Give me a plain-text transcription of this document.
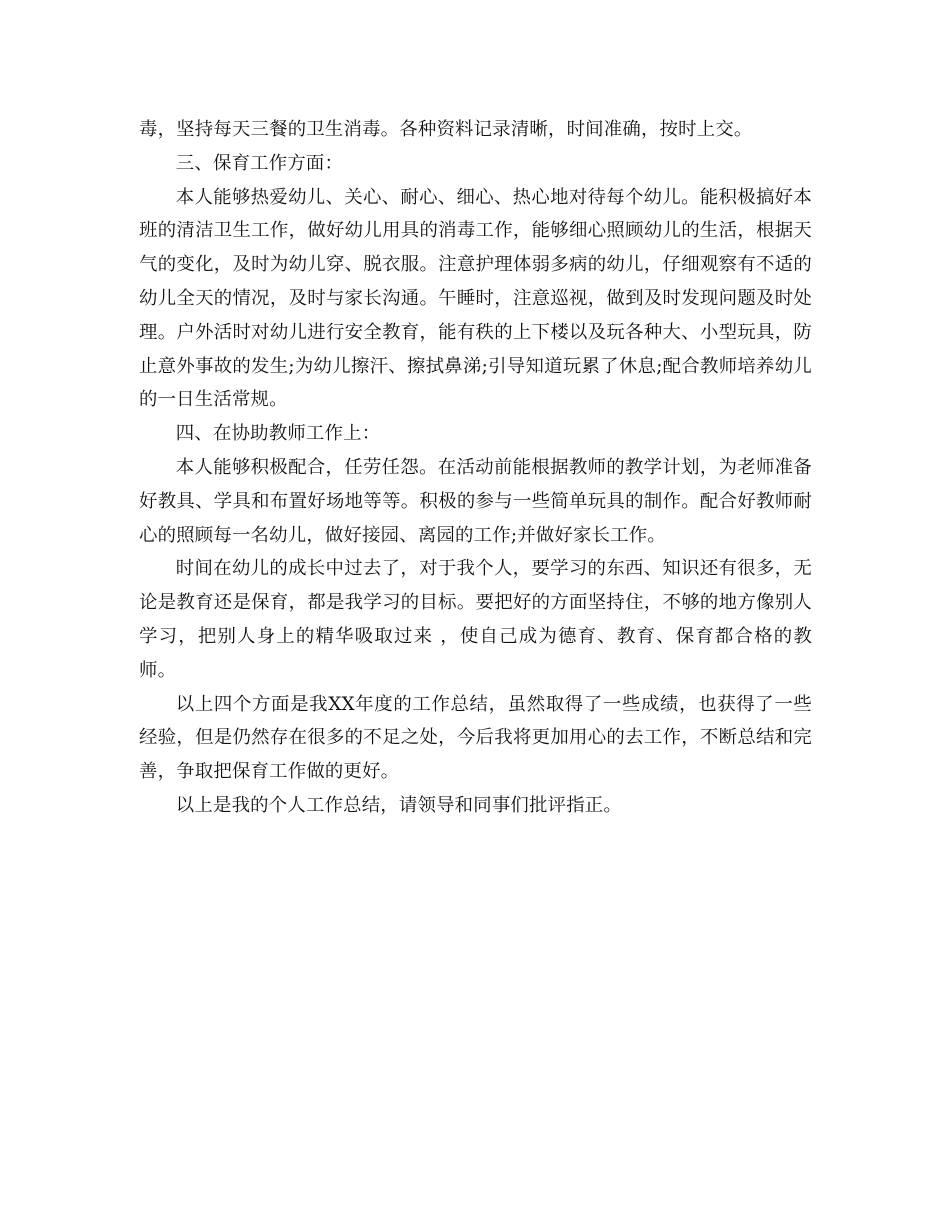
毒，坚持每天三餐的卫生消毒。各种资料记录清晰，时间准确，按时上交。

三、保育工作方面：

本人能够热爱幼儿、关心、耐心、细心、热心地对待每个幼儿。能积极搞好本班的清洁卫生工作，做好幼儿用具的消毒工作，能够细心照顾幼儿的生活，根据天气的变化，及时为幼儿穿、脱衣服。注意护理体弱多病的幼儿，仔细观察有不适的幼儿全天的情况，及时与家长沟通。午睡时，注意巡视，做到及时发现问题及时处理。户外活时对幼儿进行安全教育，能有秩的上下楼以及玩各种大、小型玩具，防止意外事故的发生;为幼儿擦汗、擦拭鼻涕;引导知道玩累了休息;配合教师培养幼儿的一日生活常规。

四、在协助教师工作上：

本人能够积极配合，任劳任怨。在活动前能根据教师的教学计划，为老师准备好教具、学具和布置好场地等等。积极的参与一些简单玩具的制作。配合好教师耐心的照顾每一名幼儿，做好接园、离园的工作;并做好家长工作。

时间在幼儿的成长中过去了，对于我个人，要学习的东西、知识还有很多，无论是教育还是保育，都是我学习的目标。要把好的方面坚持住，不够的地方像别人学习，把别人身上的精华吸取过来 ，使自己成为德育、教育、保育都合格的教师。

以上四个方面是我XX年度的工作总结，虽然取得了一些成绩，也获得了一些经验，但是仍然存在很多的不足之处，今后我将更加用心的去工作，不断总结和完善，争取把保育工作做的更好。

以上是我的个人工作总结，请领导和同事们批评指正。
